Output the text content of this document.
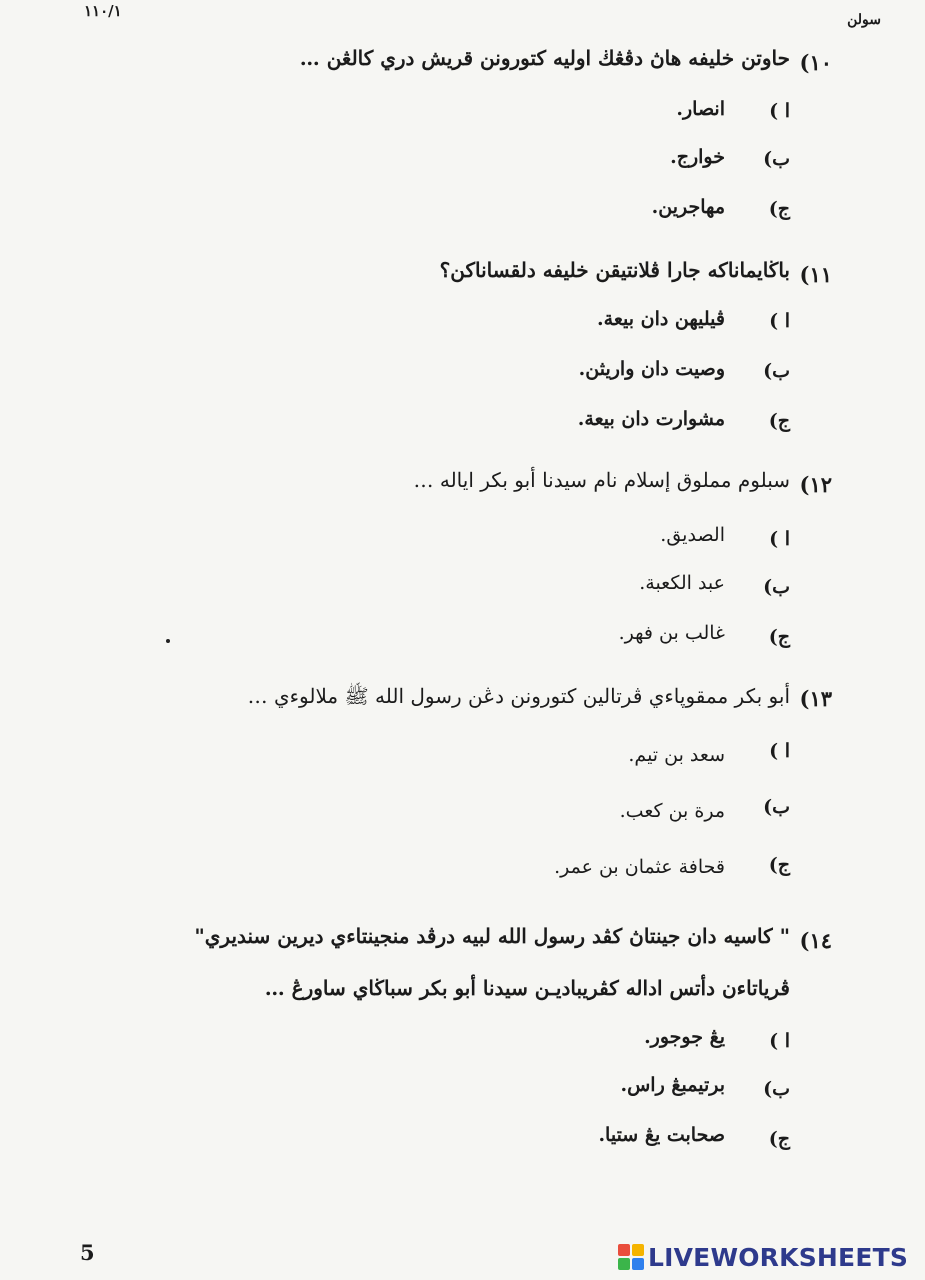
١١٠/١	سولن
١٠)
حاوتن خليفه هاڽ دڤڠڬ اوليه كتورونن قريش دري كالڠن …
ا )
انصار.
ب)
خوارج.
ج)
مهاجرين.
١١)
باڬايماناكه جارا ڤلانتيقن خليفه دلقساناكن؟
ا )
ڤيليهن دان بيعة.
ب)
وصيت دان واريثن.
ج)
مشوارت دان بيعة.
١٢)
سبلوم مملوق إسلام نام سيدنا أبو بكر اياله …
ا )
الصديق.
ب)
عبد الكعبة.
ج)
غالب بن فهر.
١٣)
أبو بكر ممقوپاءي ڤرتالين كتورونن دڠن رسول الله ﷺ ملالوءي …
ا )
سعد بن تيم.
ب)
مرة بن كعب.
ج)
قحافة عثمان بن عمر.
١٤)
" كاسيه دان جينتاڽ كڤد رسول الله لبيه درڤد منجينتاءي ديرين سنديري"
ڤرياتاءن دأتس اداله كڤريباديـن سيدنا أبو بكر سباڬاي ساورڠ …
ا )
يڠ جوجور.
ب)
برتيمبڠ راس.
ج)
صحابت يڠ ستيا.
5	LIVEWORKSHEETS
